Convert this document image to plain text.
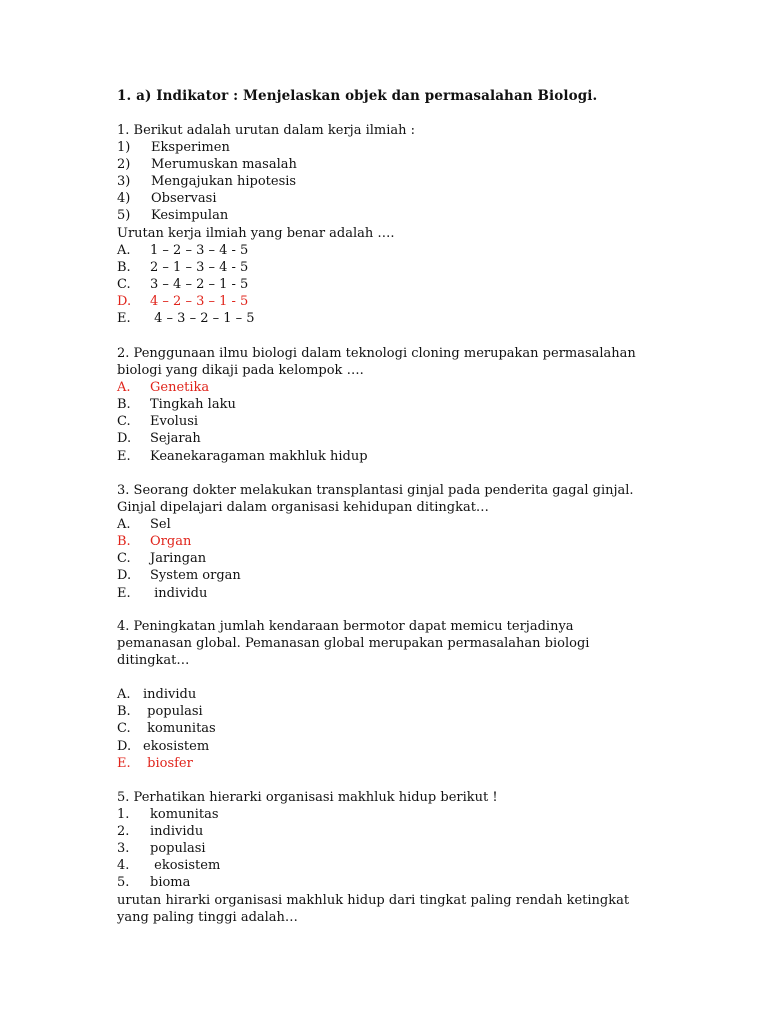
1. a) Indikator : Menjelaskan objek dan permasalahan Biologi.
1. Berikut adalah urutan dalam kerja ilmiah :
1) Eksperimen
2) Merumuskan masalah
3) Mengajukan hipotesis
4) Observasi
5) Kesimpulan
Urutan kerja ilmiah yang benar adalah ….
A. 1 – 2 – 3 – 4 - 5
B. 2 – 1 – 3 – 4 - 5
C. 3 – 4 – 2 – 1 - 5
D. 4 – 2 – 3 – 1 - 5
E. 4 – 3 – 2 – 1 – 5
2. Penggunaan ilmu biologi dalam teknologi cloning merupakan permasalahan
biologi yang dikaji pada kelompok ….
A. Genetika
B. Tingkah laku
C. Evolusi
D. Sejarah
E. Keanekaragaman makhluk hidup
3. Seorang dokter melakukan transplantasi ginjal pada penderita gagal ginjal.
Ginjal dipelajari dalam organisasi kehidupan ditingkat…
A. Sel
B. Organ
C. Jaringan
D. System organ
E. individu
4. Peningkatan jumlah kendaraan bermotor dapat memicu terjadinya
pemanasan global. Pemanasan global merupakan permasalahan biologi
ditingkat…
A. individu
B. populasi
C. komunitas
D. ekosistem
E. biosfer
5. Perhatikan hierarki organisasi makhluk hidup berikut !
1. komunitas
2. individu
3. populasi
4. ekosistem
5. bioma
urutan hirarki organisasi makhluk hidup dari tingkat paling rendah ketingkat
yang paling tinggi adalah…
